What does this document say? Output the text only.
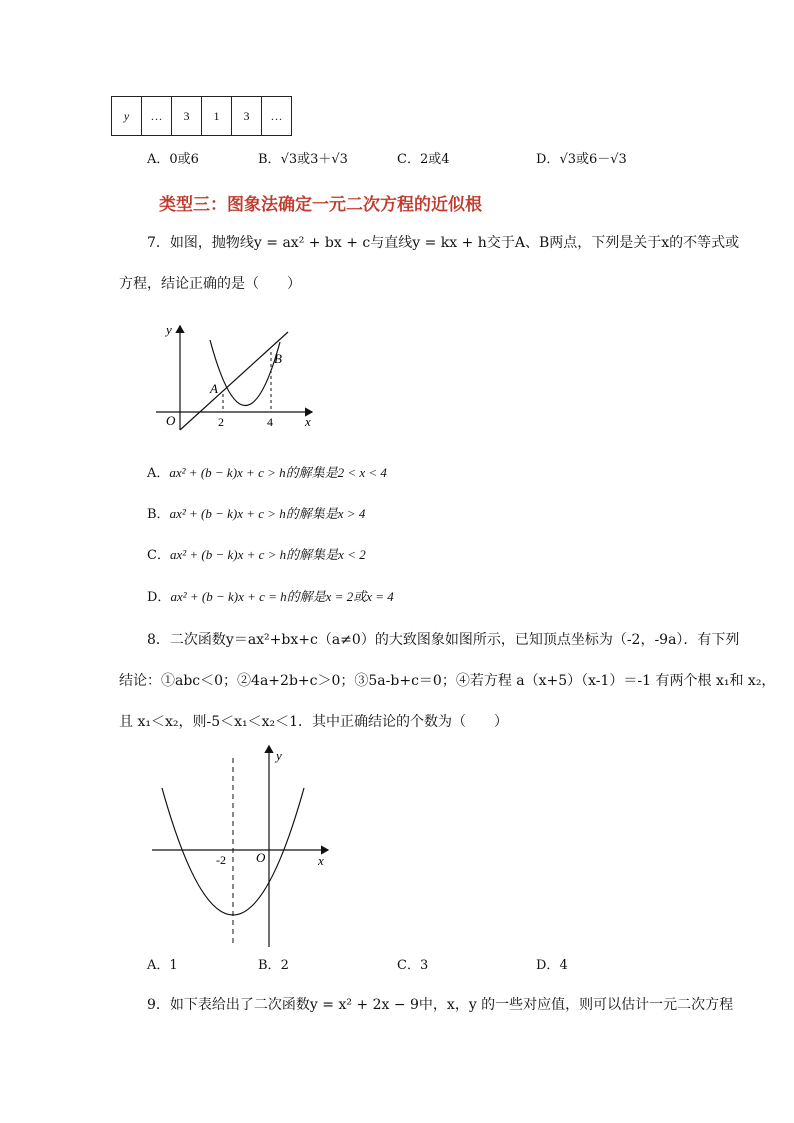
y	…	3	1	3	…
A．0或6	B．√3或3＋√3	C．2或4	D．√3或6－√3
类型三：图象法确定一元二次方程的近似根
7．如图，抛物线y = ax² + bx + c与直线y = kx + h交于A、B两点，下列是关于x的不等式或
方程，结论正确的是（　　）
y
x
O	2	4
A
B
A．ax² + (b − k)x + c > h的解集是2 < x < 4
B．ax² + (b − k)x + c > h的解集是x > 4
C．ax² + (b − k)x + c > h的解集是x < 2
D．ax² + (b − k)x + c = h的解是x = 2或x = 4
8．二次函数y＝ax²+bx+c（a≠0）的大致图象如图所示，已知顶点坐标为（-2，-9a）．有下列
结论：①abc＜0；②4a+2b+c＞0；③5a-b+c＝0；④若方程 a（x+5）（x-1）＝-1 有两个根 x₁和 x₂，
且 x₁＜x₂，则-5＜x₁＜x₂＜1．其中正确结论的个数为（　　）
y
x
O
-2
A．1	B．2	C．3	D．4
9．如下表给出了二次函数y = x² + 2x − 9中，x，y 的一些对应值，则可以估计一元二次方程
